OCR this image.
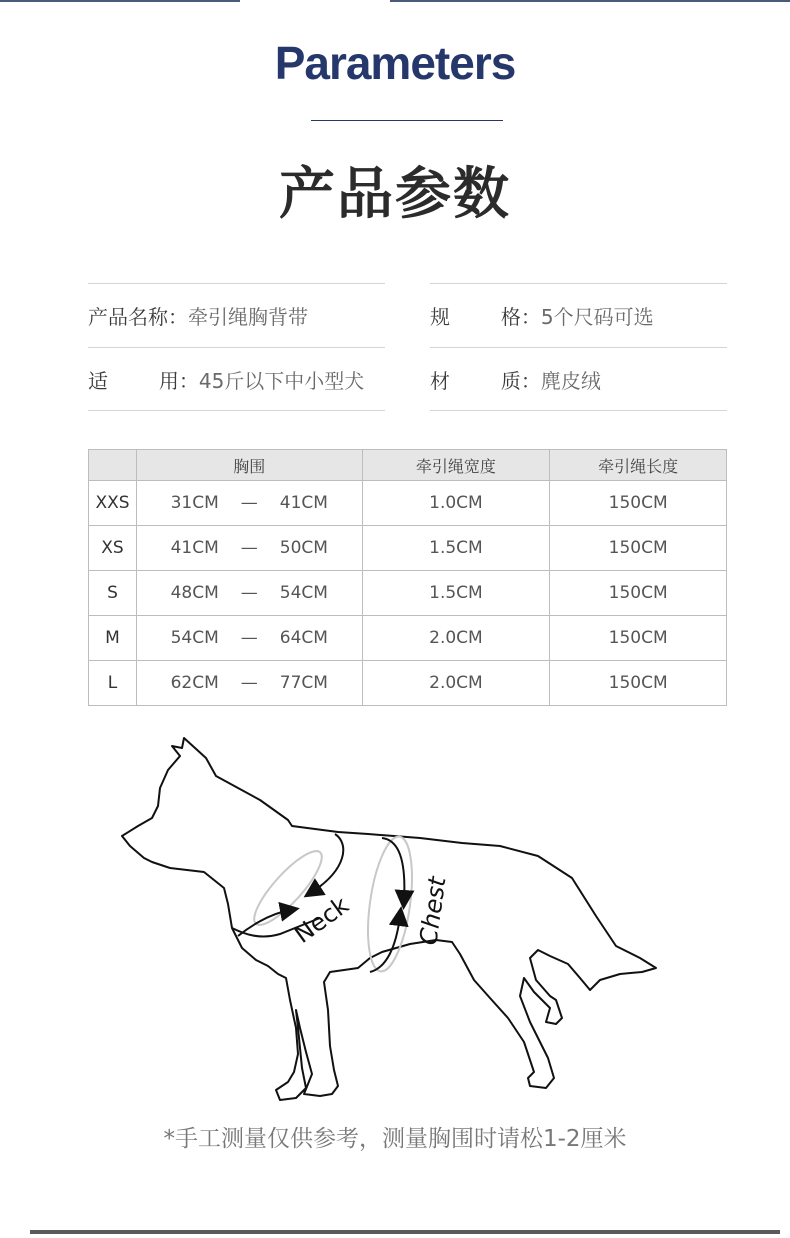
Parameters
产品参数
产品名称： 牵引绳胸背带
适        用： 45斤以下中小型犬
规        格： 5个尺码可选
材        质： 麂皮绒
	胸围	牵引绳宽度	牵引绳长度
XXS	31CM — 41CM	1.0CM	150CM
XS	41CM — 50CM	1.5CM	150CM
S	48CM — 54CM	1.5CM	150CM
M	54CM — 64CM	2.0CM	150CM
L	62CM — 77CM	2.0CM	150CM
Neck	Chest
*手工测量仅供参考，测量胸围时请松1-2厘米
